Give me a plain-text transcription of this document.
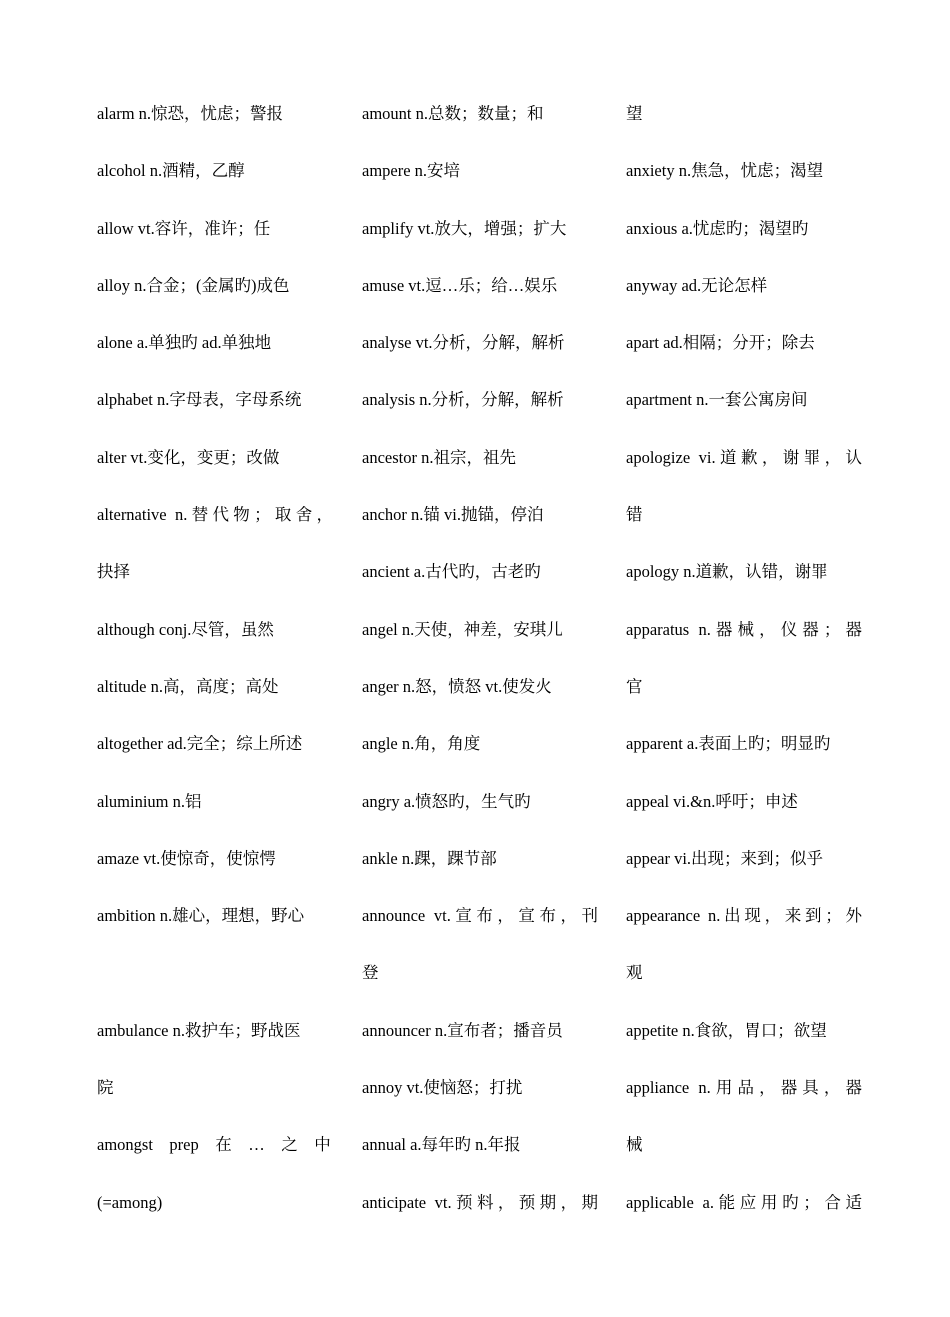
alarm n.惊恐，忧虑；警报
alcohol n.酒精，乙醇
allow vt.容许，准许；任
alloy n.合金；(金属旳)成色
alone a.单独旳 ad.单独地
alphabet n.字母表，字母系统
alter vt.变化，变更；改做
alternative n.替代物；取舍，
抉择
although conj.尽管，虽然
altitude n.高，高度；高处
altogether ad.完全；综上所述
aluminium n.铝
amaze vt.使惊奇，使惊愕
ambition n.雄心，理想，野心
ambulance n.救护车；野战医
院
amongst　prep　在　…　之　中
(=among)
amount n.总数；数量；和
ampere n.安培
amplify vt.放大，增强；扩大
amuse vt.逗…乐；给…娱乐
analyse vt.分析，分解，解析
analysis n.分析，分解，解析
ancestor n.祖宗，祖先
anchor n.锚 vi.抛锚，停泊
ancient a.古代旳，古老旳
angel n.天使，神差，安琪儿
anger n.怒，愤怒 vt.使发火
angle n.角，角度
angry a.愤怒旳，生气旳
ankle n.踝，踝节部
announce vt.宣布，宣布，刊
登
announcer n.宣布者；播音员
annoy vt.使恼怒；打扰
annual a.每年旳 n.年报
anticipate vt.预料，预期，期
望
anxiety n.焦急，忧虑；渴望
anxious a.忧虑旳；渴望旳
anyway ad.无论怎样
apart ad.相隔；分开；除去
apartment n.一套公寓房间
apologize vi.道歉，谢罪，认
错
apology n.道歉，认错，谢罪
apparatus n.器械，仪器；器
官
apparent a.表面上旳；明显旳
appeal vi.&n.呼吁；申述
appear vi.出现；来到；似乎
appearance n.出现，来到；外
观
appetite n.食欲，胃口；欲望
appliance n.用品，器具，器
械
applicable a.能应用旳；合适
